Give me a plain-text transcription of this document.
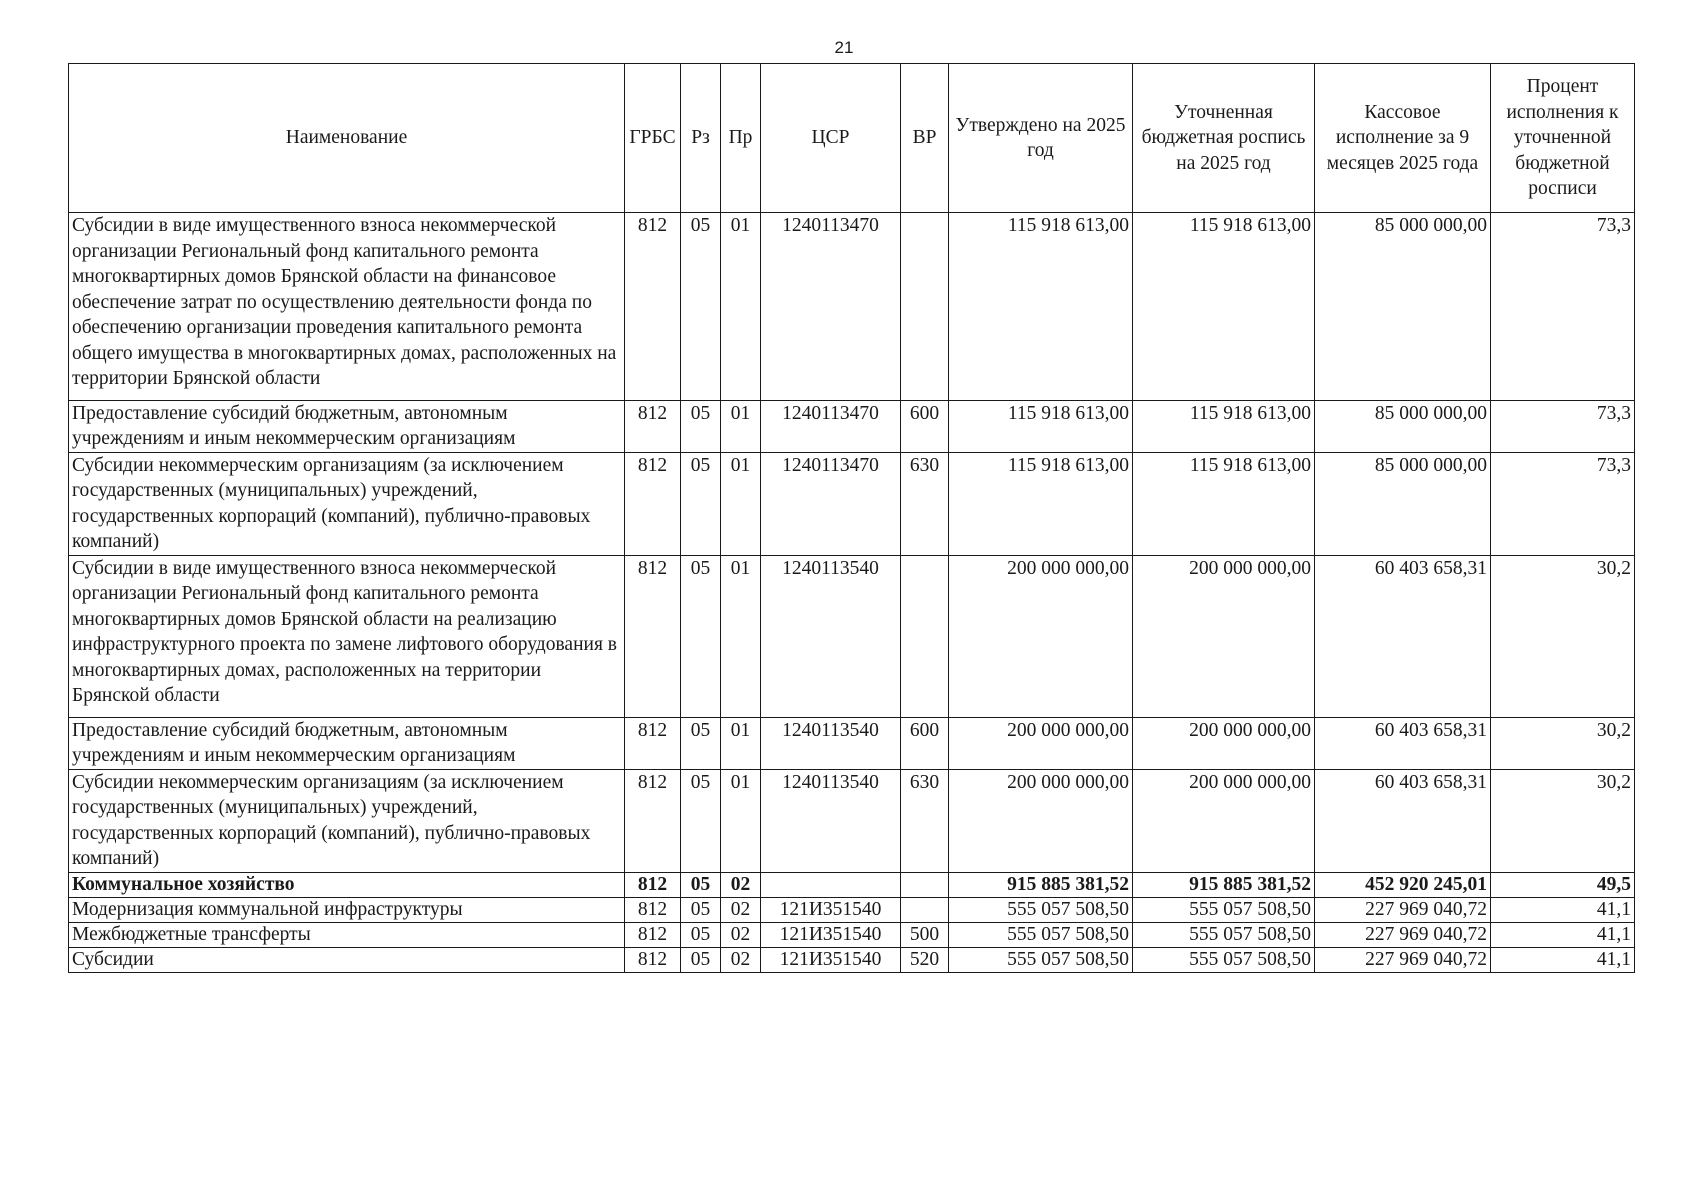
21
Наименование	ГРБС	Рз	Пр	ЦСР	ВР	Утверждено на 2025 год	Уточненная бюджетная роспись на 2025 год	Кассовое исполнение за 9 месяцев 2025 года	Процент исполнения к уточненной бюджетной росписи
Субсидии в виде имущественного взноса некоммерческой организации Региональный фонд капитального ремонта многоквартирных домов Брянской области на финансовое обеспечение затрат по осуществлению деятельности фонда по обеспечению организации проведения капитального ремонта общего имущества в многоквартирных домах, расположенных на территории Брянской области	812	05	01	1240113470		115 918 613,00	115 918 613,00	85 000 000,00	73,3
Предоставление субсидий бюджетным, автономным учреждениям и иным некоммерческим организациям	812	05	01	1240113470	600	115 918 613,00	115 918 613,00	85 000 000,00	73,3
Субсидии некоммерческим организациям (за исключением государственных (муниципальных) учреждений, государственных корпораций (компаний), публично-правовых компаний)	812	05	01	1240113470	630	115 918 613,00	115 918 613,00	85 000 000,00	73,3
Субсидии в виде имущественного взноса некоммерческой организации Региональный фонд капитального ремонта многоквартирных домов Брянской области на реализацию инфраструктурного проекта по замене лифтового оборудования в многоквартирных домах, расположенных на территории Брянской области	812	05	01	1240113540		200 000 000,00	200 000 000,00	60 403 658,31	30,2
Предоставление субсидий бюджетным, автономным учреждениям и иным некоммерческим организациям	812	05	01	1240113540	600	200 000 000,00	200 000 000,00	60 403 658,31	30,2
Субсидии некоммерческим организациям (за исключением государственных (муниципальных) учреждений, государственных корпораций (компаний), публично-правовых компаний)	812	05	01	1240113540	630	200 000 000,00	200 000 000,00	60 403 658,31	30,2
Коммунальное хозяйство	812	05	02			915 885 381,52	915 885 381,52	452 920 245,01	49,5
Модернизация коммунальной инфраструктуры	812	05	02	121И351540		555 057 508,50	555 057 508,50	227 969 040,72	41,1
Межбюджетные трансферты	812	05	02	121И351540	500	555 057 508,50	555 057 508,50	227 969 040,72	41,1
Субсидии	812	05	02	121И351540	520	555 057 508,50	555 057 508,50	227 969 040,72	41,1
